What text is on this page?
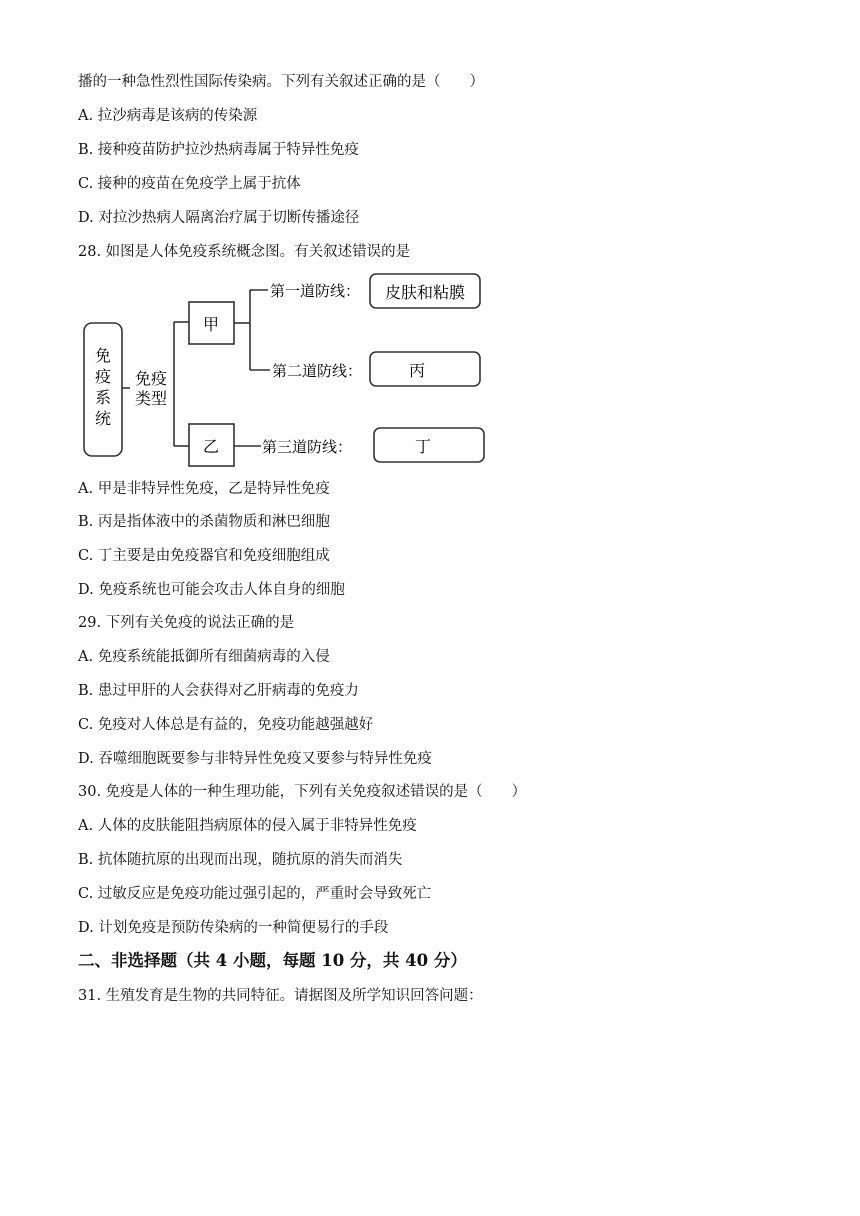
播的一种急性烈性国际传染病。下列有关叙述正确的是（　　）
A. 拉沙病毒是该病的传染源
B. 接种疫苗防护拉沙热病毒属于特异性免疫
C. 接种的疫苗在免疫学上属于抗体
D. 对拉沙热病人隔离治疗属于切断传播途径
28. 如图是人体免疫系统概念图。有关叙述错误的是
免
疫
系
统
免疫
类型
甲
乙
第一道防线：
第二道防线：
第三道防线：
皮肤和粘膜
丙
丁
A. 甲是非特异性免疫，乙是特异性免疫
B. 丙是指体液中的杀菌物质和淋巴细胞
C. 丁主要是由免疫器官和免疫细胞组成
D. 免疫系统也可能会攻击人体自身的细胞
29. 下列有关免疫的说法正确的是
A. 免疫系统能抵御所有细菌病毒的入侵
B. 患过甲肝的人会获得对乙肝病毒的免疫力
C. 免疫对人体总是有益的，免疫功能越强越好
D. 吞噬细胞既要参与非特异性免疫又要参与特异性免疫
30. 免疫是人体的一种生理功能，下列有关免疫叙述错误的是（　　）
A. 人体的皮肤能阻挡病原体的侵入属于非特异性免疫
B. 抗体随抗原的出现而出现，随抗原的消失而消失
C. 过敏反应是免疫功能过强引起的，严重时会导致死亡
D. 计划免疫是预防传染病的一种简便易行的手段
二、非选择题（共 4 小题，每题 10 分，共 40 分）
31. 生殖发育是生物的共同特征。请据图及所学知识回答问题：
